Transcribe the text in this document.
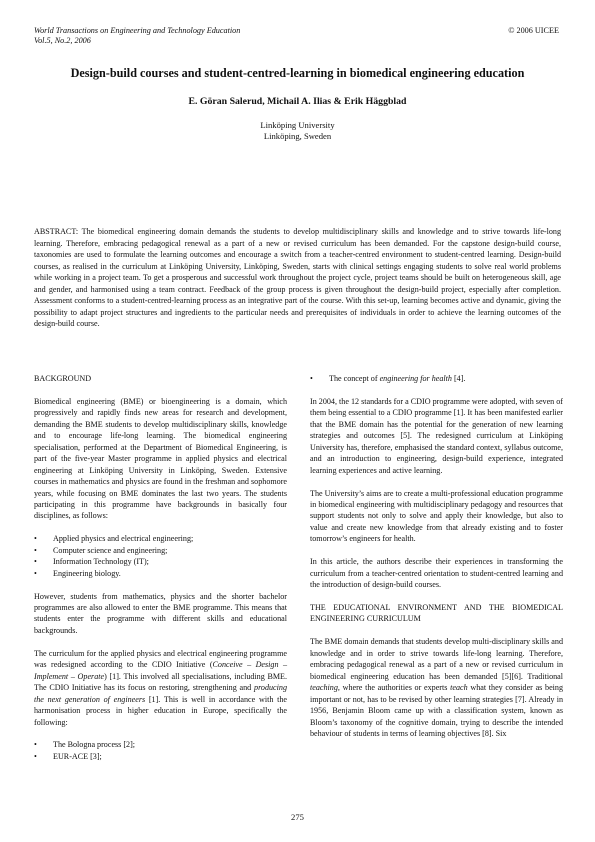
World Transactions on Engineering and Technology Education
Vol.5, No.2, 2006
© 2006 UICEE
Design-build courses and student-centred-learning in biomedical engineering education
E. Göran Salerud, Michail A. Ilias & Erik Häggblad
Linköping University
Linköping, Sweden

ABSTRACT: The biomedical engineering domain demands the students to develop multidisciplinary skills and knowledge and to strive towards life-long learning. Therefore, embracing pedagogical renewal as a part of a new or revised curriculum has been demanded. For the capstone design-build course, taxonomies are used to formulate the learning outcomes and encourage a switch from a teacher-centred environment to student-centred learning. Design-build courses, as realised in the curriculum at Linköping University, Linköping, Sweden, starts with clinical settings engaging students to solve real world problems while working in a project team. To get a prosperous and successful work throughout the project cycle, project teams should be built on heterogeneous skill, age and gender, and harmonised using a team contract. Feedback of the group process is given throughout the design-build project, especially after completion. Assessment conforms to a student-centred-learning process as an integrative part of the course. With this set-up, learning becomes active and dynamic, giving the possibility to adapt project structures and ingredients to the particular needs and prerequisites of individuals in order to achieve the learning outcomes of the design-build course.

BACKGROUND

Biomedical engineering (BME) or bioengineering is a domain, which progressively and rapidly finds new areas for research and development, demanding the BME students to develop multidisciplinary skills, knowledge and to encourage life-long learning. The biomedical engineering specialisation, performed at the Department of Biomedical Engineering, is part of the five-year Master programme in applied physics and electrical engineering at Linköping University in Linköping, Sweden. Extensive courses in mathematics and physics are found in the freshman and sophomore years, while focusing on BME dominates the last two years. The students participating in this programme have backgrounds in basically four disciplines, as follows:

• Applied physics and electrical engineering;
• Computer science and engineering;
• Information Technology (IT);
• Engineering biology.

However, students from mathematics, physics and the shorter bachelor programmes are also allowed to enter the BME programme. This means that students enter the programme with different skills and educational backgrounds.

The curriculum for the applied physics and electrical engineering programme was redesigned according to the CDIO Initiative (Conceive – Design – Implement – Operate) [1]. This involved all specialisations, including BME. The CDIO Initiative has its focus on restoring, strengthening and producing the next generation of engineers [1]. This is well in accordance with the harmonisation process in higher education in Europe, specifically the following:

• The Bologna process [2];
• EUR-ACE [3];
• The concept of engineering for health [4].

In 2004, the 12 standards for a CDIO programme were adopted, with seven of them being essential to a CDIO programme [1]. It has been manifested earlier that the BME domain has the potential for the generation of new learning strategies and outcomes [5]. The redesigned curriculum at Linköping University has, therefore, emphasised the standard context, syllabus outcome, and an introduction to engineering, design-build experience, integrated learning experiences and active learning.

The University’s aims are to create a multi-professional education programme in biomedical engineering with multidisciplinary pedagogy and resources that support students not only to solve and apply their knowledge, but also to value and create new knowledge from that already existing and to foster tomorrow’s engineers for health.

In this article, the authors describe their experiences in transforming the curriculum from a teacher-centred orientation to student-centred learning and the introduction of design-build courses.

THE EDUCATIONAL ENVIRONMENT AND THE BIOMEDICAL ENGINEERING CURRICULUM

The BME domain demands that students develop multi-disciplinary skills and knowledge and in order to strive towards life-long learning. Therefore, embracing pedagogical renewal as a part of a new or revised curriculum in biomedical engineering education has been demanded [5][6]. Traditional teaching, where the authorities or experts teach what they consider as being important or not, has to be revised by other learning strategies [7]. Already in 1956, Benjamin Bloom came up with a classification system, known as Bloom’s taxonomy of the cognitive domain, trying to describe the intended behaviour of students in terms of learning objectives [8]. Six

275
